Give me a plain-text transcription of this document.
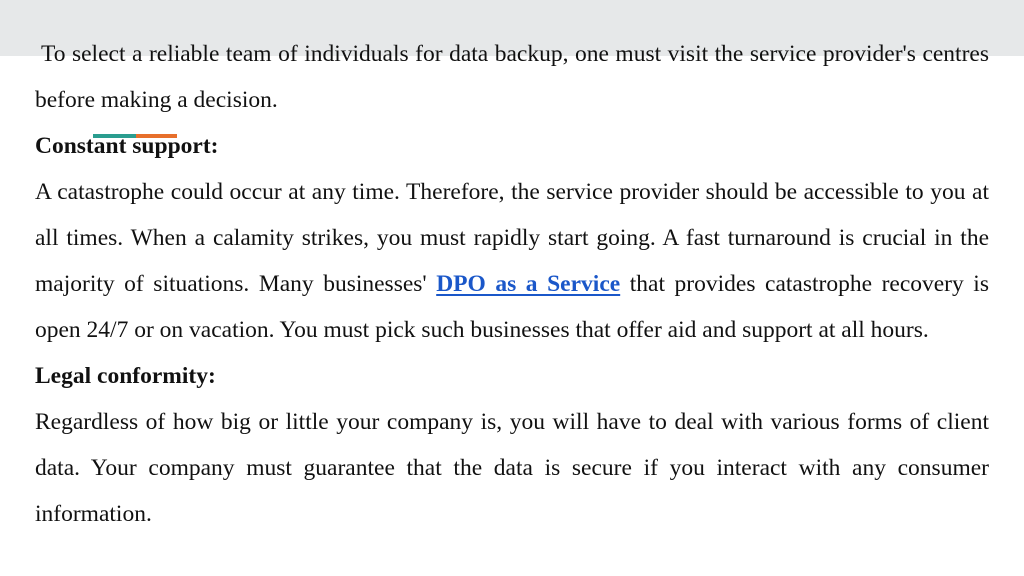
To select a reliable team of individuals for data backup, one must visit the service provider's centres before making a decision.

Constant support:

A catastrophe could occur at any time. Therefore, the service provider should be accessible to you at all times. When a calamity strikes, you must rapidly start going. A fast turnaround is crucial in the majority of situations. Many businesses' DPO as a Service that provides catastrophe recovery is open 24/7 or on vacation. You must pick such businesses that offer aid and support at all hours.

Legal conformity:

Regardless of how big or little your company is, you will have to deal with various forms of client data. Your company must guarantee that the data is secure if you interact with any consumer information.
